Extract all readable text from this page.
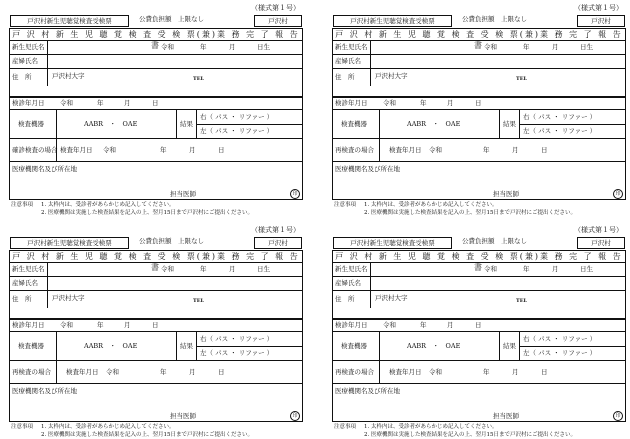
（様式第１号）
戸沢村新生児聴覚検査受検票	公費負担額　上限なし	戸沢村
戸 沢 村 新 生 児 聴 覚 検 査 受 検 票(兼)業 務 完 了 報 告 書
新生児氏名	令和	年	月	日生
産婦氏名
住　所	戸沢村大字	TEL
検診年月日 令和	年	月	日
検査機器	AABR　・　OAE	結果
右（ パス ・ リファー ）
左（ パス ・ リファー ）
確診検査の場合 検査年月日 令和	年	月	日
医療機関名及び所在地
担当医師	印
注意事項 1. 太枠内は、受診者があらかじめ記入してください。
2. 医療機関は実施した検査結果を記入の上、翌月15日まで戸沢村にご提出ください。
（様式第１号）
戸沢村新生児聴覚検査受検票	公費負担額　上限なし	戸沢村
戸 沢 村 新 生 児 聴 覚 検 査 受 検 票(兼)業 務 完 了 報 告 書
新生児氏名	令和	年	月	日生
産婦氏名
住　所	戸沢村大字	TEL
検診年月日 令和	年	月	日
検査機器	AABR　・　OAE	結果
右（ パス ・ リファー ）
左（ パス ・ リファー ）
再検査の場合 検査年月日 令和	年	月	日
医療機関名及び所在地
担当医師	印
注意事項 1. 太枠内は、受診者があらかじめ記入してください。
2. 医療機関は実施した検査結果を記入の上、翌月15日まで戸沢村にご提出ください。
（様式第１号）
戸沢村新生児聴覚検査受検票	公費負担額　上限なし	戸沢村
戸 沢 村 新 生 児 聴 覚 検 査 受 検 票(兼)業 務 完 了 報 告 書
新生児氏名	令和	年	月	日生
産婦氏名
住　所	戸沢村大字	TEL
検診年月日 令和	年	月	日
検査機器	AABR　・　OAE	結果
右（ パス ・ リファー ）
左（ パス ・ リファー ）
再検査の場合 検査年月日 令和	年	月	日
医療機関名及び所在地
担当医師	印
注意事項 1. 太枠内は、受診者があらかじめ記入してください。
2. 医療機関は実施した検査結果を記入の上、翌月15日まで戸沢村にご提出ください。
（様式第１号）
戸沢村新生児聴覚検査受検票	公費負担額　上限なし	戸沢村
戸 沢 村 新 生 児 聴 覚 検 査 受 検 票(兼)業 務 完 了 報 告 書
新生児氏名	令和	年	月	日生
産婦氏名
住　所	戸沢村大字	TEL
検診年月日 令和	年	月	日
検査機器	AABR　・　OAE	結果
右（ パス ・ リファー ）
左（ パス ・ リファー ）
再検査の場合 検査年月日 令和	年	月	日
医療機関名及び所在地
担当医師	印
注意事項 1. 太枠内は、受診者があらかじめ記入してください。
2. 医療機関は実施した検査結果を記入の上、翌月15日まで戸沢村にご提出ください。
